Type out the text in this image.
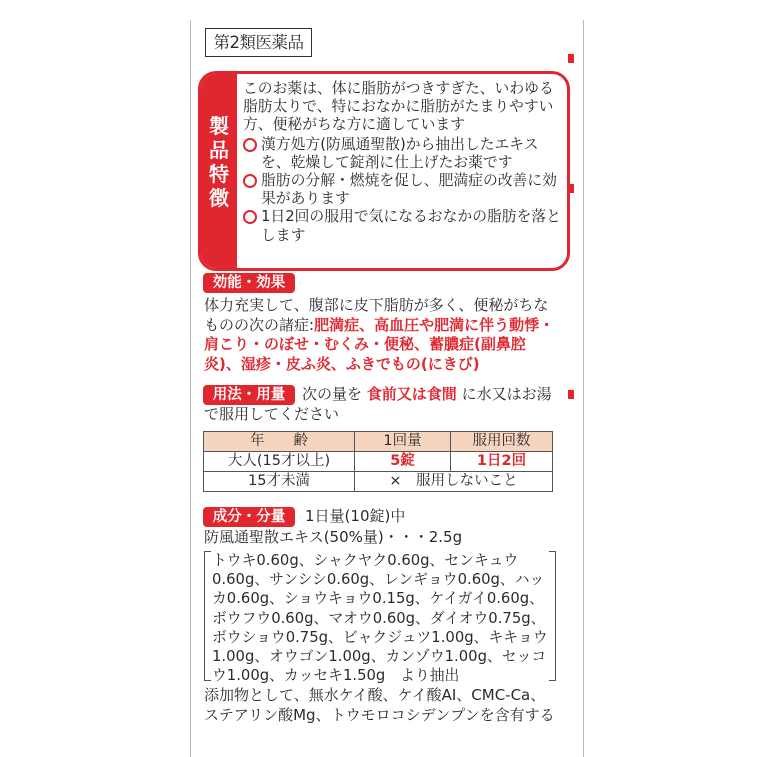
第2類医薬品
製
品
特
徴

このお薬は、体に脂肪がつきすぎた、いわゆる脂肪太りで、特におなかに脂肪がたまりやすい方、便秘がちな方に適しています

漢方処方(防風通聖散)から抽出したエキスを、乾燥して錠剤に仕上げたお薬です

脂肪の分解・燃焼を促し、肥満症の改善に効果があります

1日2回の服用で気になるおなかの脂肪を落とします

効能・効果
体力充実して、腹部に皮下脂肪が多く、便秘がちなものの次の諸症:肥満症、高血圧や肥満に伴う動悸・肩こり・のぼせ・むくみ・便秘、蓄膿症(副鼻腔炎)、湿疹・皮ふ炎、ふきでもの(にきび)
用法・用量	次の量を 食前又は食間 に水又はお湯で服用してください
年　　齢	1回量	服用回数
大人(15才以上)	5錠	1日2回
15才未満	×　服用しないこと	
成分・分量	1日量(10錠)中
防風通聖散エキス(50%量)・・・2.5g
トウキ0.60g、シャクヤク0.60g、センキュウ0.60g、サンシシ0.60g、レンギョウ0.60g、ハッカ0.60g、ショウキョウ0.15g、ケイガイ0.60g、ボウフウ0.60g、マオウ0.60g、ダイオウ0.75g、ボウショウ0.75g、ビャクジュツ1.00g、キキョウ1.00g、オウゴン1.00g、カンゾウ1.00g、セッコウ1.00g、カッセキ1.50g　より抽出
添加物として、無水ケイ酸、ケイ酸AI、CMC-Ca、ステアリン酸Mg、トウモロコシデンプンを含有する
